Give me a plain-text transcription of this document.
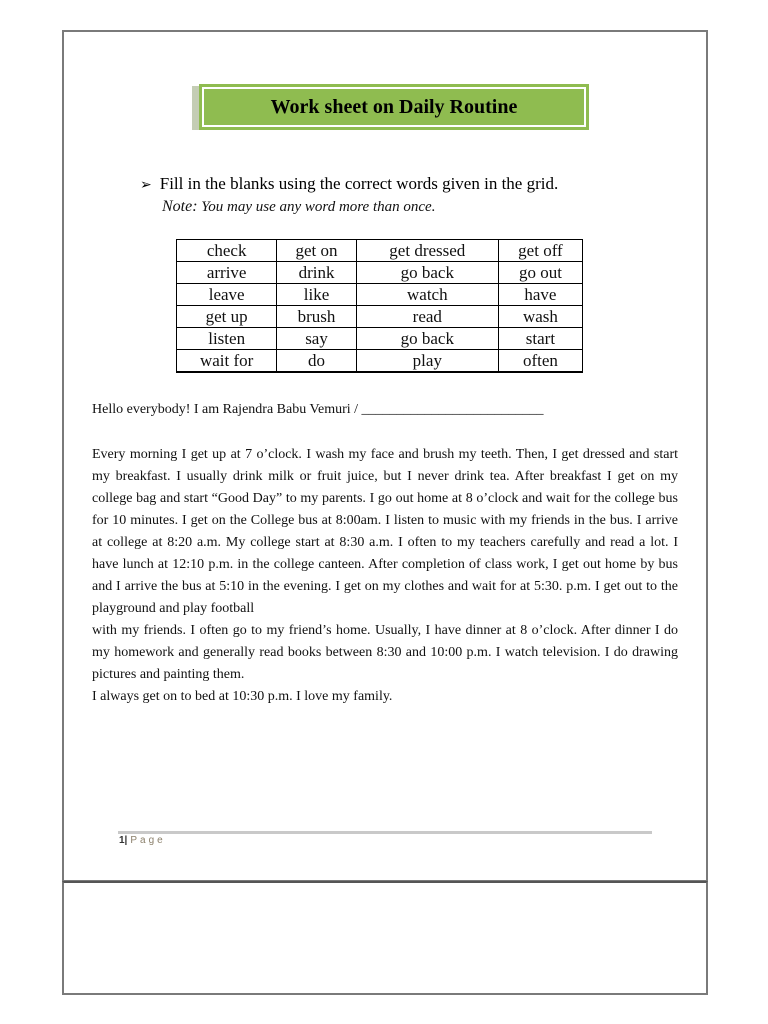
Work sheet on Daily Routine
➢ Fill in the blanks using the correct words given in the grid.
Note: You may use any word more than once.
check	get on	get dressed	get off
arrive	drink	go back	go out
leave	like	watch	have
get up	brush	read	wash
listen	say	go back	start
wait for	do	play	often
Hello everybody! I am Rajendra Babu Vemuri / __________________________

Every morning I get up at 7 o’clock. I wash my face and brush my teeth. Then, I get dressed and start my breakfast. I usually drink milk or fruit juice, but I never drink tea. After breakfast I get on my college bag and start “Good Day” to my parents. I go out home at 8 o’clock and wait for the college bus for 10 minutes. I get on the College bus at 8:00am. I listen to music with my friends in the bus. I arrive at college at 8:20 a.m. My college start at 8:30 a.m. I often to my teachers carefully and read a lot. I have lunch at 12:10 p.m. in the college canteen. After completion of class work, I get out home by bus and I arrive the bus at 5:10 in the evening. I get on my clothes and wait for at 5:30. p.m. I get out to the playground and play football

with my friends. I often go to my friend’s home. Usually, I have dinner at 8 o’clock. After dinner I do my homework and generally read books between 8:30 and 10:00 p.m. I watch television. I do drawing pictures and painting them.

I always get on to bed at 10:30 p.m. I love my family.

1| Page
